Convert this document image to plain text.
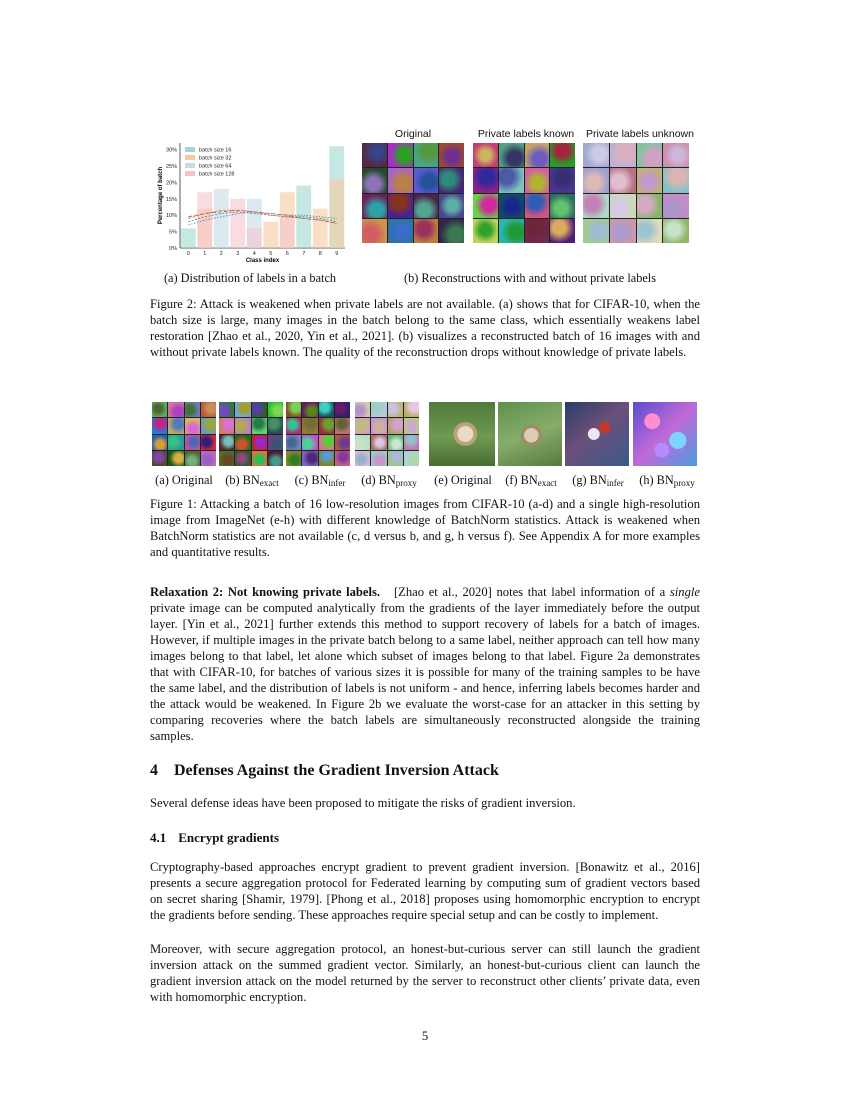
0%
5%
10%
15%
20%
25%
30%
0 1 2 3 4 5 6 7 8 9
Class index
Percentage of batch
batch size 16
batch size 32
batch size 64
batch size 128
Original	Private labels known	Private labels unknown
(a) Distribution of labels in a batch	(b) Reconstructions with and without private labels

Figure 2: Attack is weakened when private labels are not available. (a) shows that for CIFAR-10, when the batch size is large, many images in the batch belong to the same class, which essentially weakens label restoration [Zhao et al., 2020, Yin et al., 2021]. (b) visualizes a reconstructed batch of 16 images with and without private labels known. The quality of the reconstruction drops without knowledge of private labels.

(a) Original	(b) $BN_{exact}$	(c) $BN_{infer}$	(d) $BN_{proxy}$	(e) Original	(f) $BN_{exact}$	(g) $BN_{infer}$	(h) $BN_{proxy}$

Figure 1: Attacking a batch of 16 low-resolution images from CIFAR-10 (a-d) and a single high-resolution image from ImageNet (e-h) with different knowledge of BatchNorm statistics. Attack is weakened when BatchNorm statistics are not available (c, d versus b, and g, h versus f). See Appendix A for more examples and quantitative results.

Relaxation 2: Not knowing private labels. [Zhao et al., 2020] notes that label information of a single private image can be computed analytically from the gradients of the layer immediately before the output layer. [Yin et al., 2021] further extends this method to support recovery of labels for a batch of images. However, if multiple images in the private batch belong to a same label, neither approach can tell how many images belong to that label, let alone which subset of images belong to that label. Figure 2a demonstrates that with CIFAR-10, for batches of various sizes it is possible for many of the training samples to be have the same label, and the distribution of labels is not uniform - and hence, inferring labels becomes harder and the attack would be weakened. In Figure 2b we evaluate the worst-case for an attacker in this setting by comparing recoveries where the batch labels are simultaneously reconstructed alongside the training samples.

4 Defenses Against the Gradient Inversion Attack

Several defense ideas have been proposed to mitigate the risks of gradient inversion.

4.1 Encrypt gradients

Cryptography-based approaches encrypt gradient to prevent gradient inversion. [Bonawitz et al., 2016] presents a secure aggregation protocol for Federated learning by computing sum of gradient vectors based on secret sharing [Shamir, 1979]. [Phong et al., 2018] proposes using homomorphic encryption to encrypt the gradients before sending. These approaches require special setup and can be costly to implement.

Moreover, with secure aggregation protocol, an honest-but-curious server can still launch the gradient inversion attack on the summed gradient vector. Similarly, an honest-but-curious client can launch the gradient inversion attack on the model returned by the server to reconstruct other clients’ private data, even with homomorphic encryption.

5
